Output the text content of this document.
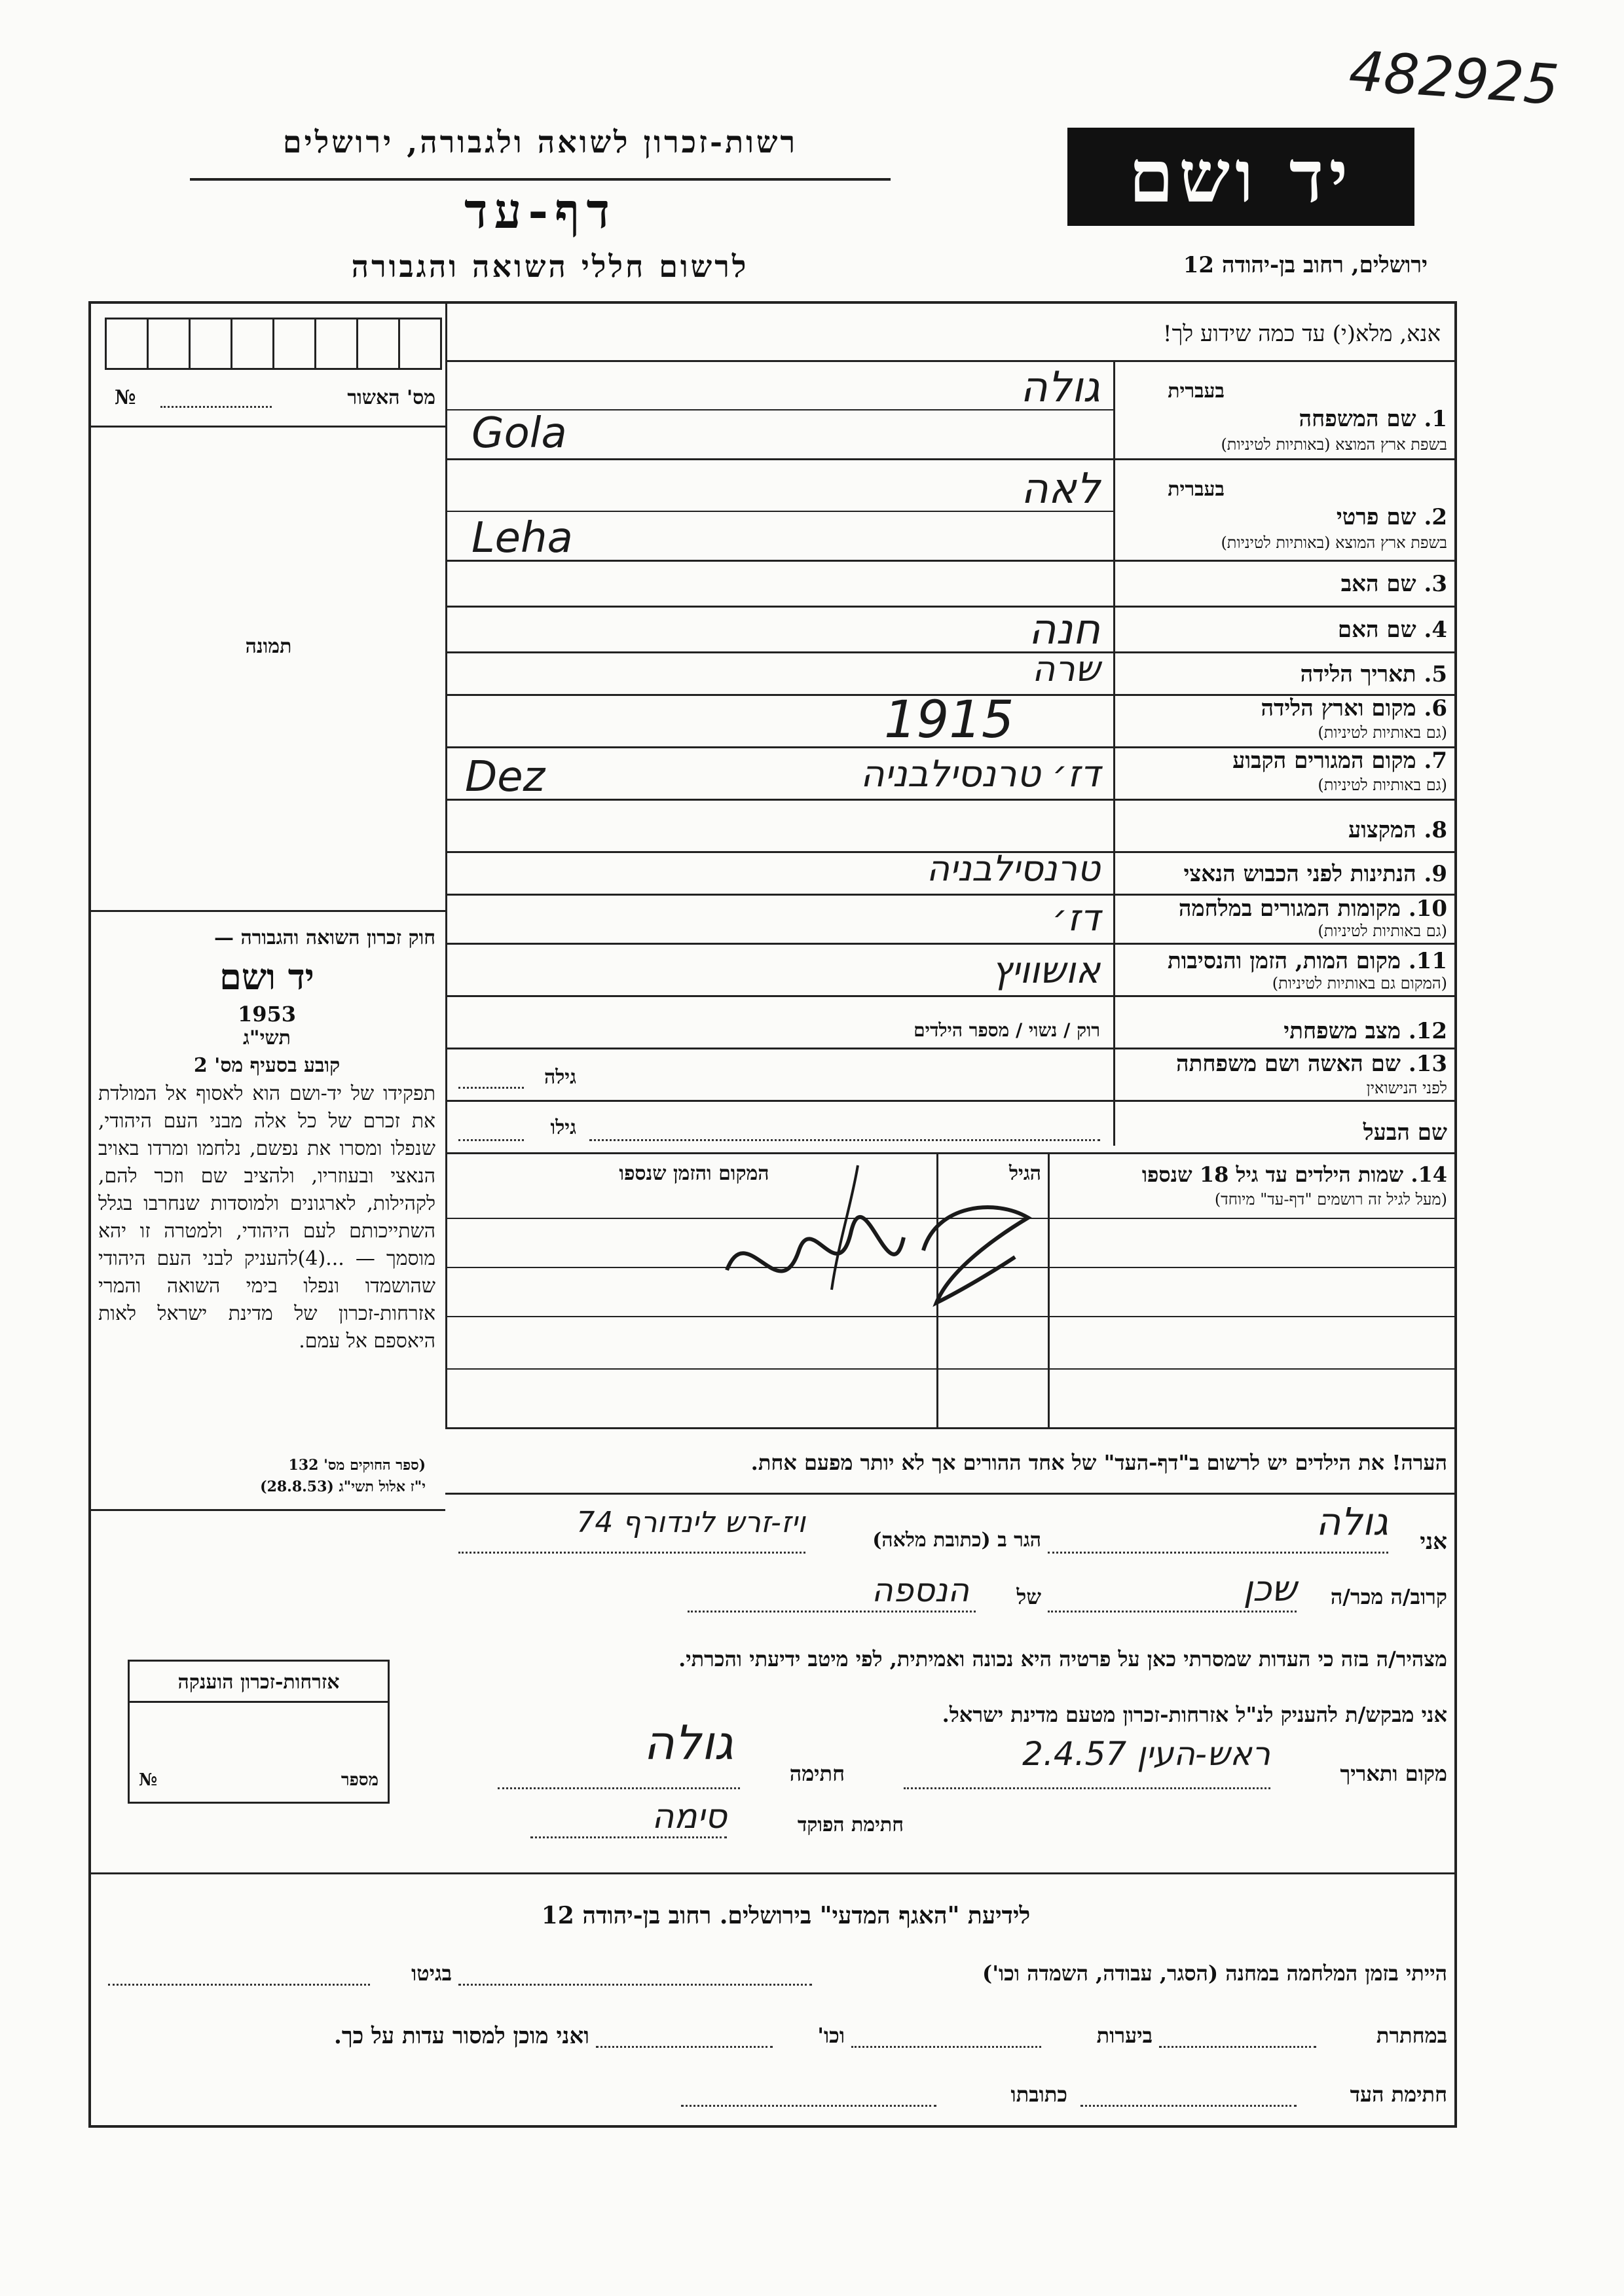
482925
רשות-זכרון לשואה ולגבורה, ירושלים
דף-עד
לרשום חללי השואה והגבורה
יד ושם
ירושלים, רחוב בן-יהודה 12
אנא, מלא(י) עד כמה שידוע לך!
מס' האשור
№
תמונה
בעברית
1. שם המשפחה
בשפת ארץ המוצא (באותיות לטיניות)
גולה
Gola
בעברית
2. שם פרטי
בשפת ארץ המוצא (באותיות לטיניות)
לאה
Leha
3. שם האב
4. שם האם
חנה
5. תאריך הלידה
שרה
6. מקום וארץ הלידה
(גם באותיות לטיניות)
1915
7. מקום המגורים הקבוע
(גם באותיות לטיניות)
דז׳ טרנסילבניה
Dez
8. המקצוע
9. הנתינות לפני הכבוש הנאצי
טרנסילבניה
10. מקומות המגורים במלחמה
(גם באותיות לטיניות)
דז׳
11. מקום המות, הזמן והנסיבות
(המקום גם באותיות לטיניות)
אושוויץ
12. מצב משפחתי
רוק / נשוי / מספר הילדים
13. שם האשה ושם משפחתה
לפני הנישואין
גילה
שם הבעל
גילו
14. שמות הילדים עד גיל 18 שנספו
(מעל לגיל זה רושמים "דף-עד" מיוחד)
הגיל
המקום והזמן שנספו
הערה! את הילדים יש לרשום ב"דף-העד" של אחד ההורים אך לא יותר מפעם אחת.
חוק זכרון השואה והגבורה —
יד ושם
1953
תשי"ג
קובע בסעיף מס' 2
תפקידו של יד-ושם הוא לאסוף אל המולדת את זכרם של כל אלה מבני העם היהודי, שנפלו ומסרו את נפשם, נלחמו ומרדו באויב הנאצי ובעוזריו, ולהציב שם וזכר להם, לקהילות, לארגונים ולמוסדות שנחרבו בגלל השתייכותם לעם היהודי, ולמטרה זו יהא מוסמך — ...(4)להעניק לבני העם היהודי שהושמדו ונפלו בימי השואה והמרי אזרחות-זכרון של מדינת ישראל לאות היאספם אל עמם.
(ספר החוקים מס' 132
י"ז אלול תשי"ג (28.8.53)
אני
גולה
הגר ב (כתובת מלאה)
ויז-זרש לינדורף 74
קרוב/ה מכר/ה
שכן
של
הנספה
מצהיר/ה בזה כי העדות שמסרתי כאן על פרטיה היא נכונה ואמיתית, לפי מיטב ידיעתי והכרתי.
אני מבקש/ת להעניק לנ"ל אזרחות-זכרון מטעם מדינת ישראל.
מקום ותאריך
ראש-העין 2.4.57
חתימה
גולה
חתימת הפוקד
סימה
אזרחות-זכרון הוענקה
מספר
№
לידיעת "האגף המדעי" בירושלים. רחוב בן-יהודה 12
הייתי בזמן המלחמה במחנה (הסגר, עבודה, השמדה וכו')
בגיטו
במחתרת
ביערות
וכו'
ואני מוכן למסור עדות על כך.
חתימת העד
כתובתו
